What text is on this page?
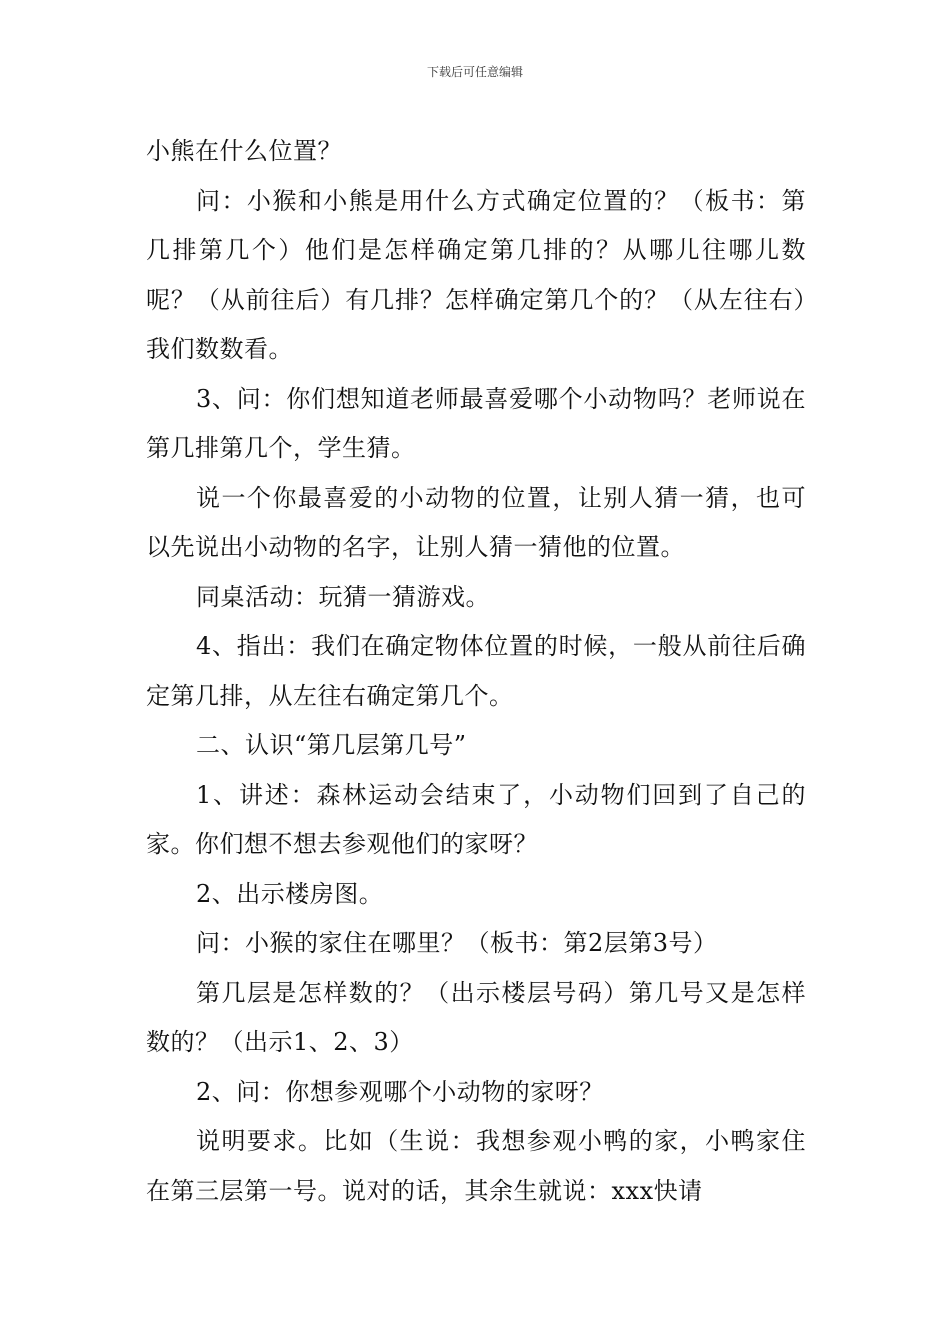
下载后可任意编辑

小熊在什么位置？

问：小猴和小熊是用什么方式确定位置的？（板书：第几排第几个）他们是怎样确定第几排的？从哪儿往哪儿数呢？（从前往后）有几排？怎样确定第几个的？（从左往右）我们数数看。

3、问：你们想知道老师最喜爱哪个小动物吗？老师说在第几排第几个，学生猜。

说一个你最喜爱的小动物的位置，让别人猜一猜，也可以先说出小动物的名字，让别人猜一猜他的位置。

同桌活动：玩猜一猜游戏。

4、指出：我们在确定物体位置的时候，一般从前往后确定第几排，从左往右确定第几个。

二、认识“第几层第几号”

1、讲述：森林运动会结束了，小动物们回到了自己的家。你们想不想去参观他们的家呀？

2、出示楼房图。

问：小猴的家住在哪里？（板书：第2层第3号）

第几层是怎样数的？（出示楼层号码）第几号又是怎样数的？（出示1、2、3）

2、问：你想参观哪个小动物的家呀？

说明要求。比如（生说：我想参观小鸭的家，小鸭家住在第三层第一号。说对的话，其余生就说：xxx快请
